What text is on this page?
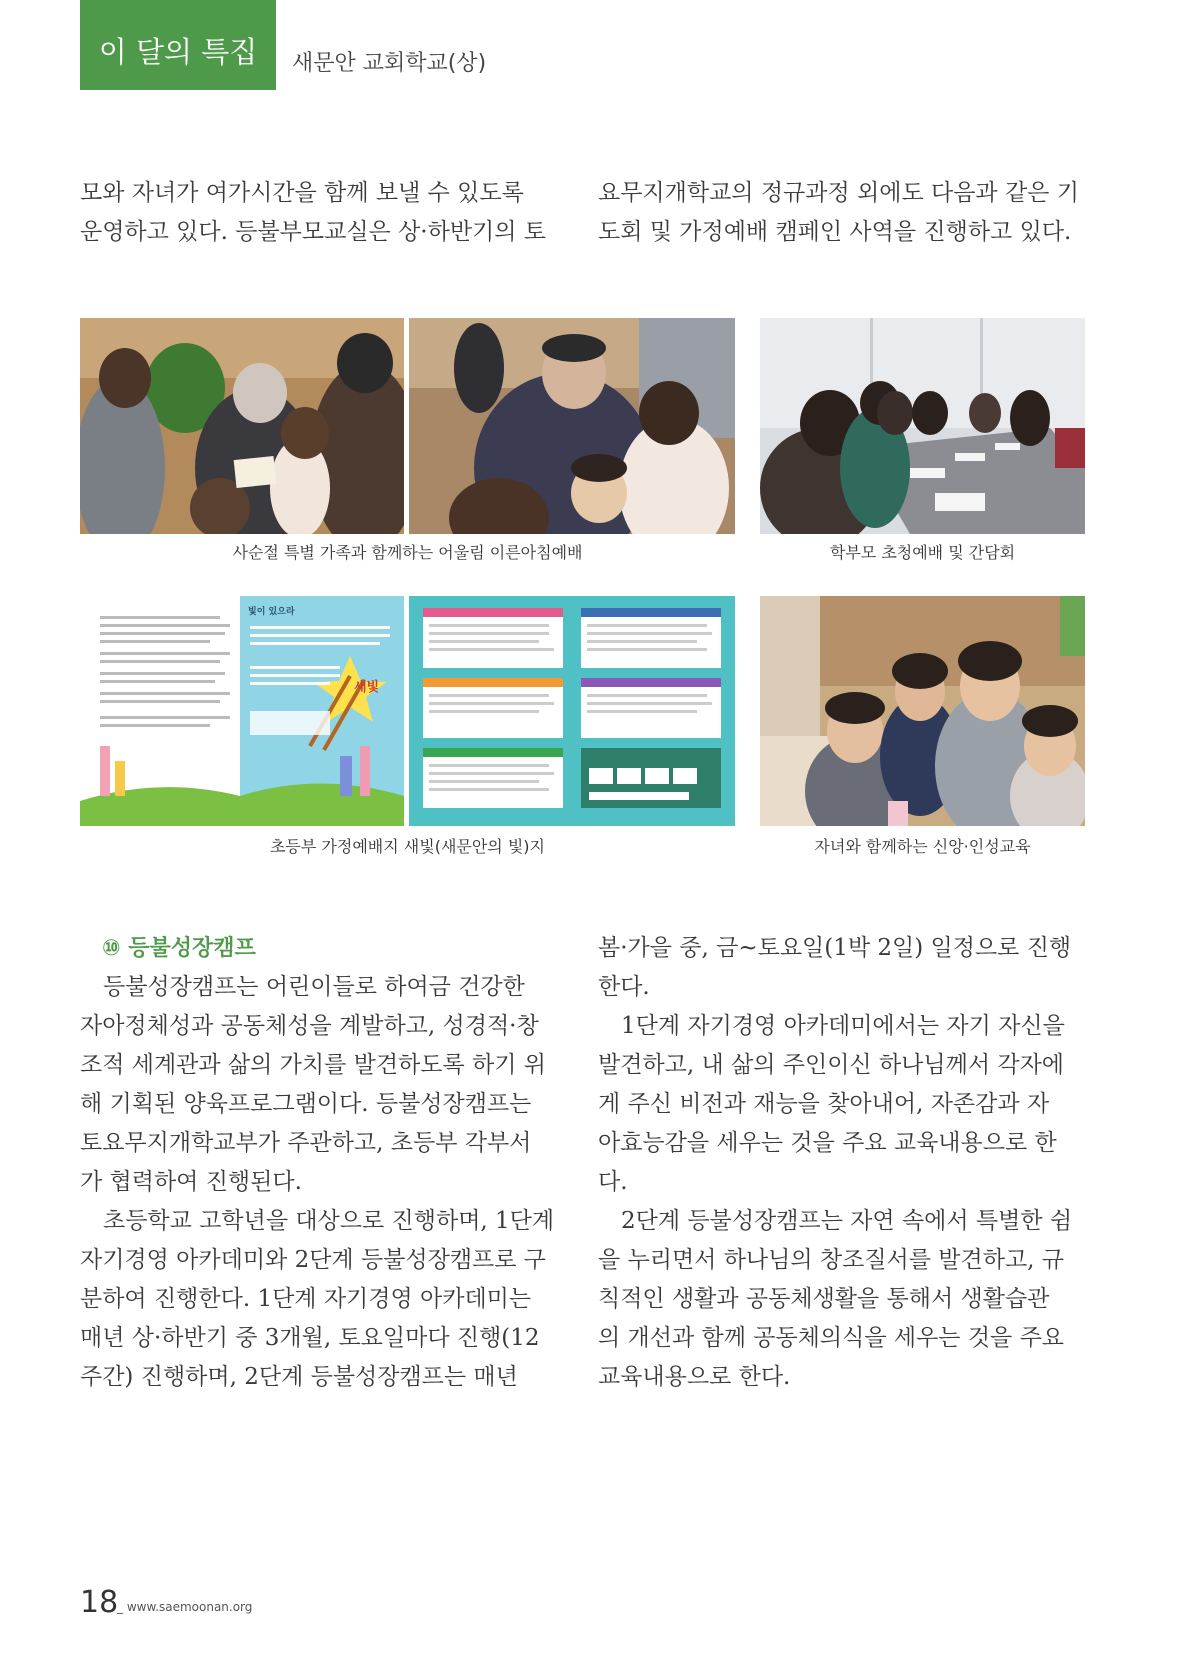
이 달의 특집	새문안 교회학교(상)

모와 자녀가 여가시간을 함께 보낼 수 있도록

운영하고 있다. 등불부모교실은 상·하반기의 토

요무지개학교의 정규과정 외에도 다음과 같은 기

도회 및 가정예배 캠페인 사역을 진행하고 있다.

사순절 특별 가족과 함께하는 어울림 이른아침예배	학부모 초청예배 및 간담회
빛이 있으라
새빛
초등부 가정예배지 새빛(새문안의 빛)지	자녀와 함께하는 신앙·인성교육

⑩ 등불성장캠프

등불성장캠프는 어린이들로 하여금 건강한

자아정체성과 공동체성을 계발하고, 성경적·창

조적 세계관과 삶의 가치를 발견하도록 하기 위

해 기획된 양육프로그램이다. 등불성장캠프는

토요무지개학교부가 주관하고, 초등부 각부서

가 협력하여 진행된다.

초등학교 고학년을 대상으로 진행하며, 1단계

자기경영 아카데미와 2단계 등불성장캠프로 구

분하여 진행한다. 1단계 자기경영 아카데미는

매년 상·하반기 중 3개월, 토요일마다 진행(12

주간) 진행하며, 2단계 등불성장캠프는 매년

봄·가을 중, 금~토요일(1박 2일) 일정으로 진행

한다.

1단계 자기경영 아카데미에서는 자기 자신을

발견하고, 내 삶의 주인이신 하나님께서 각자에

게 주신 비전과 재능을 찾아내어, 자존감과 자

아효능감을 세우는 것을 주요 교육내용으로 한

다.

2단계 등불성장캠프는 자연 속에서 특별한 쉼

을 누리면서 하나님의 창조질서를 발견하고, 규

칙적인 생활과 공동체생활을 통해서 생활습관

의 개선과 함께 공동체의식을 세우는 것을 주요

교육내용으로 한다.

18
_ www.saemoonan.org
